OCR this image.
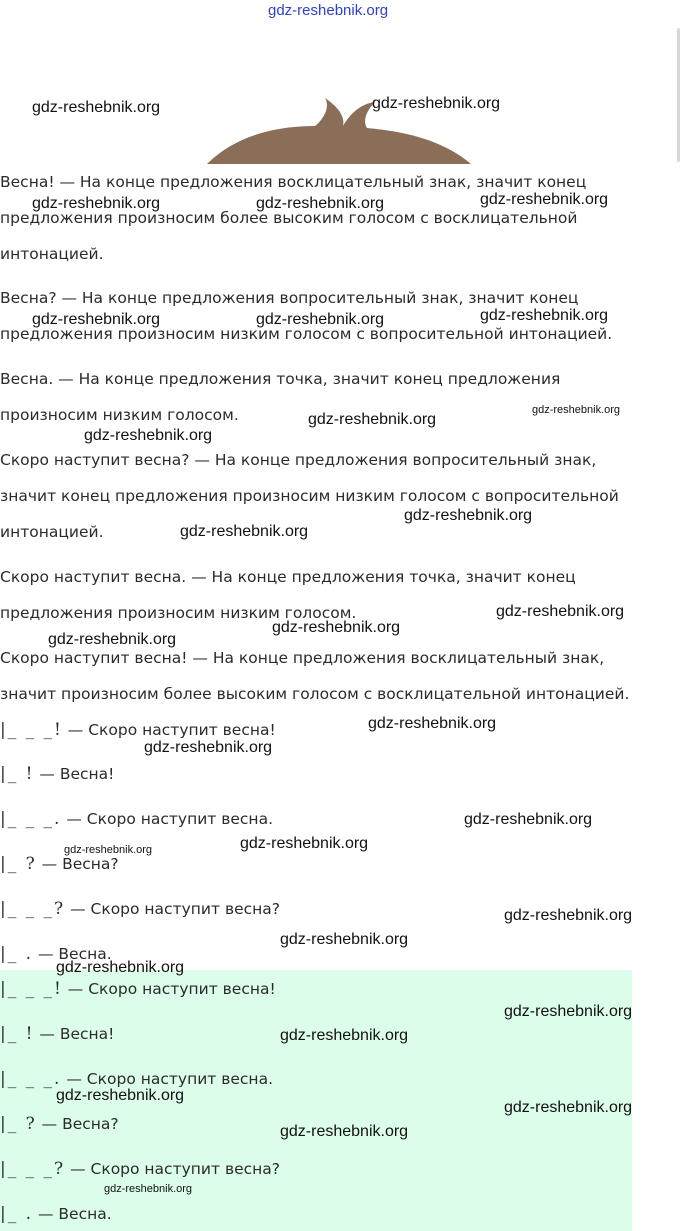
Весна! — На конце предложения восклицательный знак, значит конец
предложения произносим более высоким голосом с восклицательной
интонацией.
Весна? — На конце предложения вопросительный знак, значит конец
предложения произносим низким голосом с вопросительной интонацией.
Весна. — На конце предложения точка, значит конец предложения
произносим низким голосом.
Скоро наступит весна? — На конце предложения вопросительный знак,
значит конец предложения произносим низким голосом с вопросительной
интонацией.
Скоро наступит весна. — На конце предложения точка, значит конец
предложения произносим низким голосом.
Скоро наступит весна! — На конце предложения восклицательный знак,
значит произносим более высоким голосом с восклицательной интонацией.
|_ _ _! — Скоро наступит весна!
|_ ! — Весна!
|_ _ _. — Скоро наступит весна.
|_ ? — Весна?
|_ _ _? — Скоро наступит весна?
|_ . — Весна.
|_ _ _! — Скоро наступит весна!
|_ ! — Весна!
|_ _ _. — Скоро наступит весна.
|_ ? — Весна?
|_ _ _? — Скоро наступит весна?
|_ . — Весна.
gdz-reshebnik.org
gdz-reshebnik.org	gdz-reshebnik.org
gdz-reshebnik.org	gdz-reshebnik.org	gdz-reshebnik.org
gdz-reshebnik.org	gdz-reshebnik.org	gdz-reshebnik.org
gdz-reshebnik.org
gdz-reshebnik.org
gdz-reshebnik.org
gdz-reshebnik.org
gdz-reshebnik.org
gdz-reshebnik.org
gdz-reshebnik.org
gdz-reshebnik.org
gdz-reshebnik.org
gdz-reshebnik.org
gdz-reshebnik.org
gdz-reshebnik.org
gdz-reshebnik.org
gdz-reshebnik.org
gdz-reshebnik.org
gdz-reshebnik.org
gdz-reshebnik.org
gdz-reshebnik.org
gdz-reshebnik.org
gdz-reshebnik.org
gdz-reshebnik.org
gdz-reshebnik.org
